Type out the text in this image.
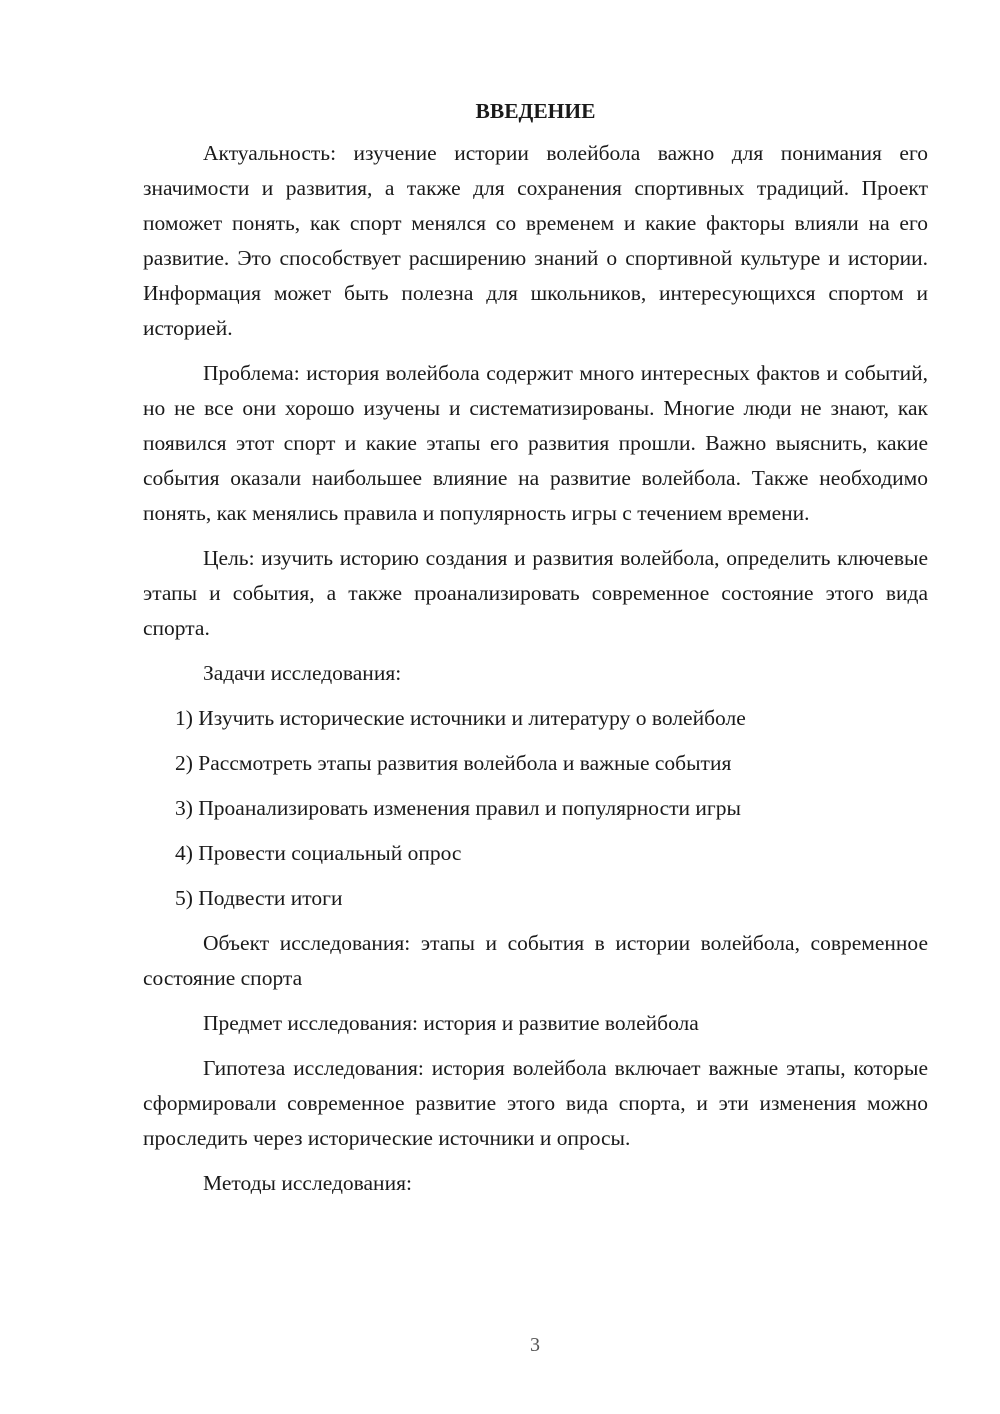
ВВЕДЕНИЕ

Актуальность: изучение истории волейбола важно для понимания его значимости и развития, а также для сохранения спортивных традиций. Проект поможет понять, как спорт менялся со временем и какие факторы влияли на его развитие. Это способствует расширению знаний о спортивной культуре и истории. Информация может быть полезна для школьников, интересующихся спортом и историей.

Проблема: история волейбола содержит много интересных фактов и событий, но не все они хорошо изучены и систематизированы. Многие люди не знают, как появился этот спорт и какие этапы его развития прошли. Важно выяснить, какие события оказали наибольшее влияние на развитие волейбола. Также необходимо понять, как менялись правила и популярность игры с течением времени.

Цель: изучить историю создания и развития волейбола, определить ключевые этапы и события, а также проанализировать современное состояние этого вида спорта.

Задачи исследования:

1) Изучить исторические источники и литературу о волейболе
2) Рассмотреть этапы развития волейбола и важные события
3) Проанализировать изменения правил и популярности игры
4) Провести социальный опрос
5) Подвести итоги

Объект исследования: этапы и события в истории волейбола, современное состояние спорта

Предмет исследования: история и развитие волейбола

Гипотеза исследования: история волейбола включает важные этапы, которые сформировали современное развитие этого вида спорта, и эти изменения можно проследить через исторические источники и опросы.

Методы исследования:

3
